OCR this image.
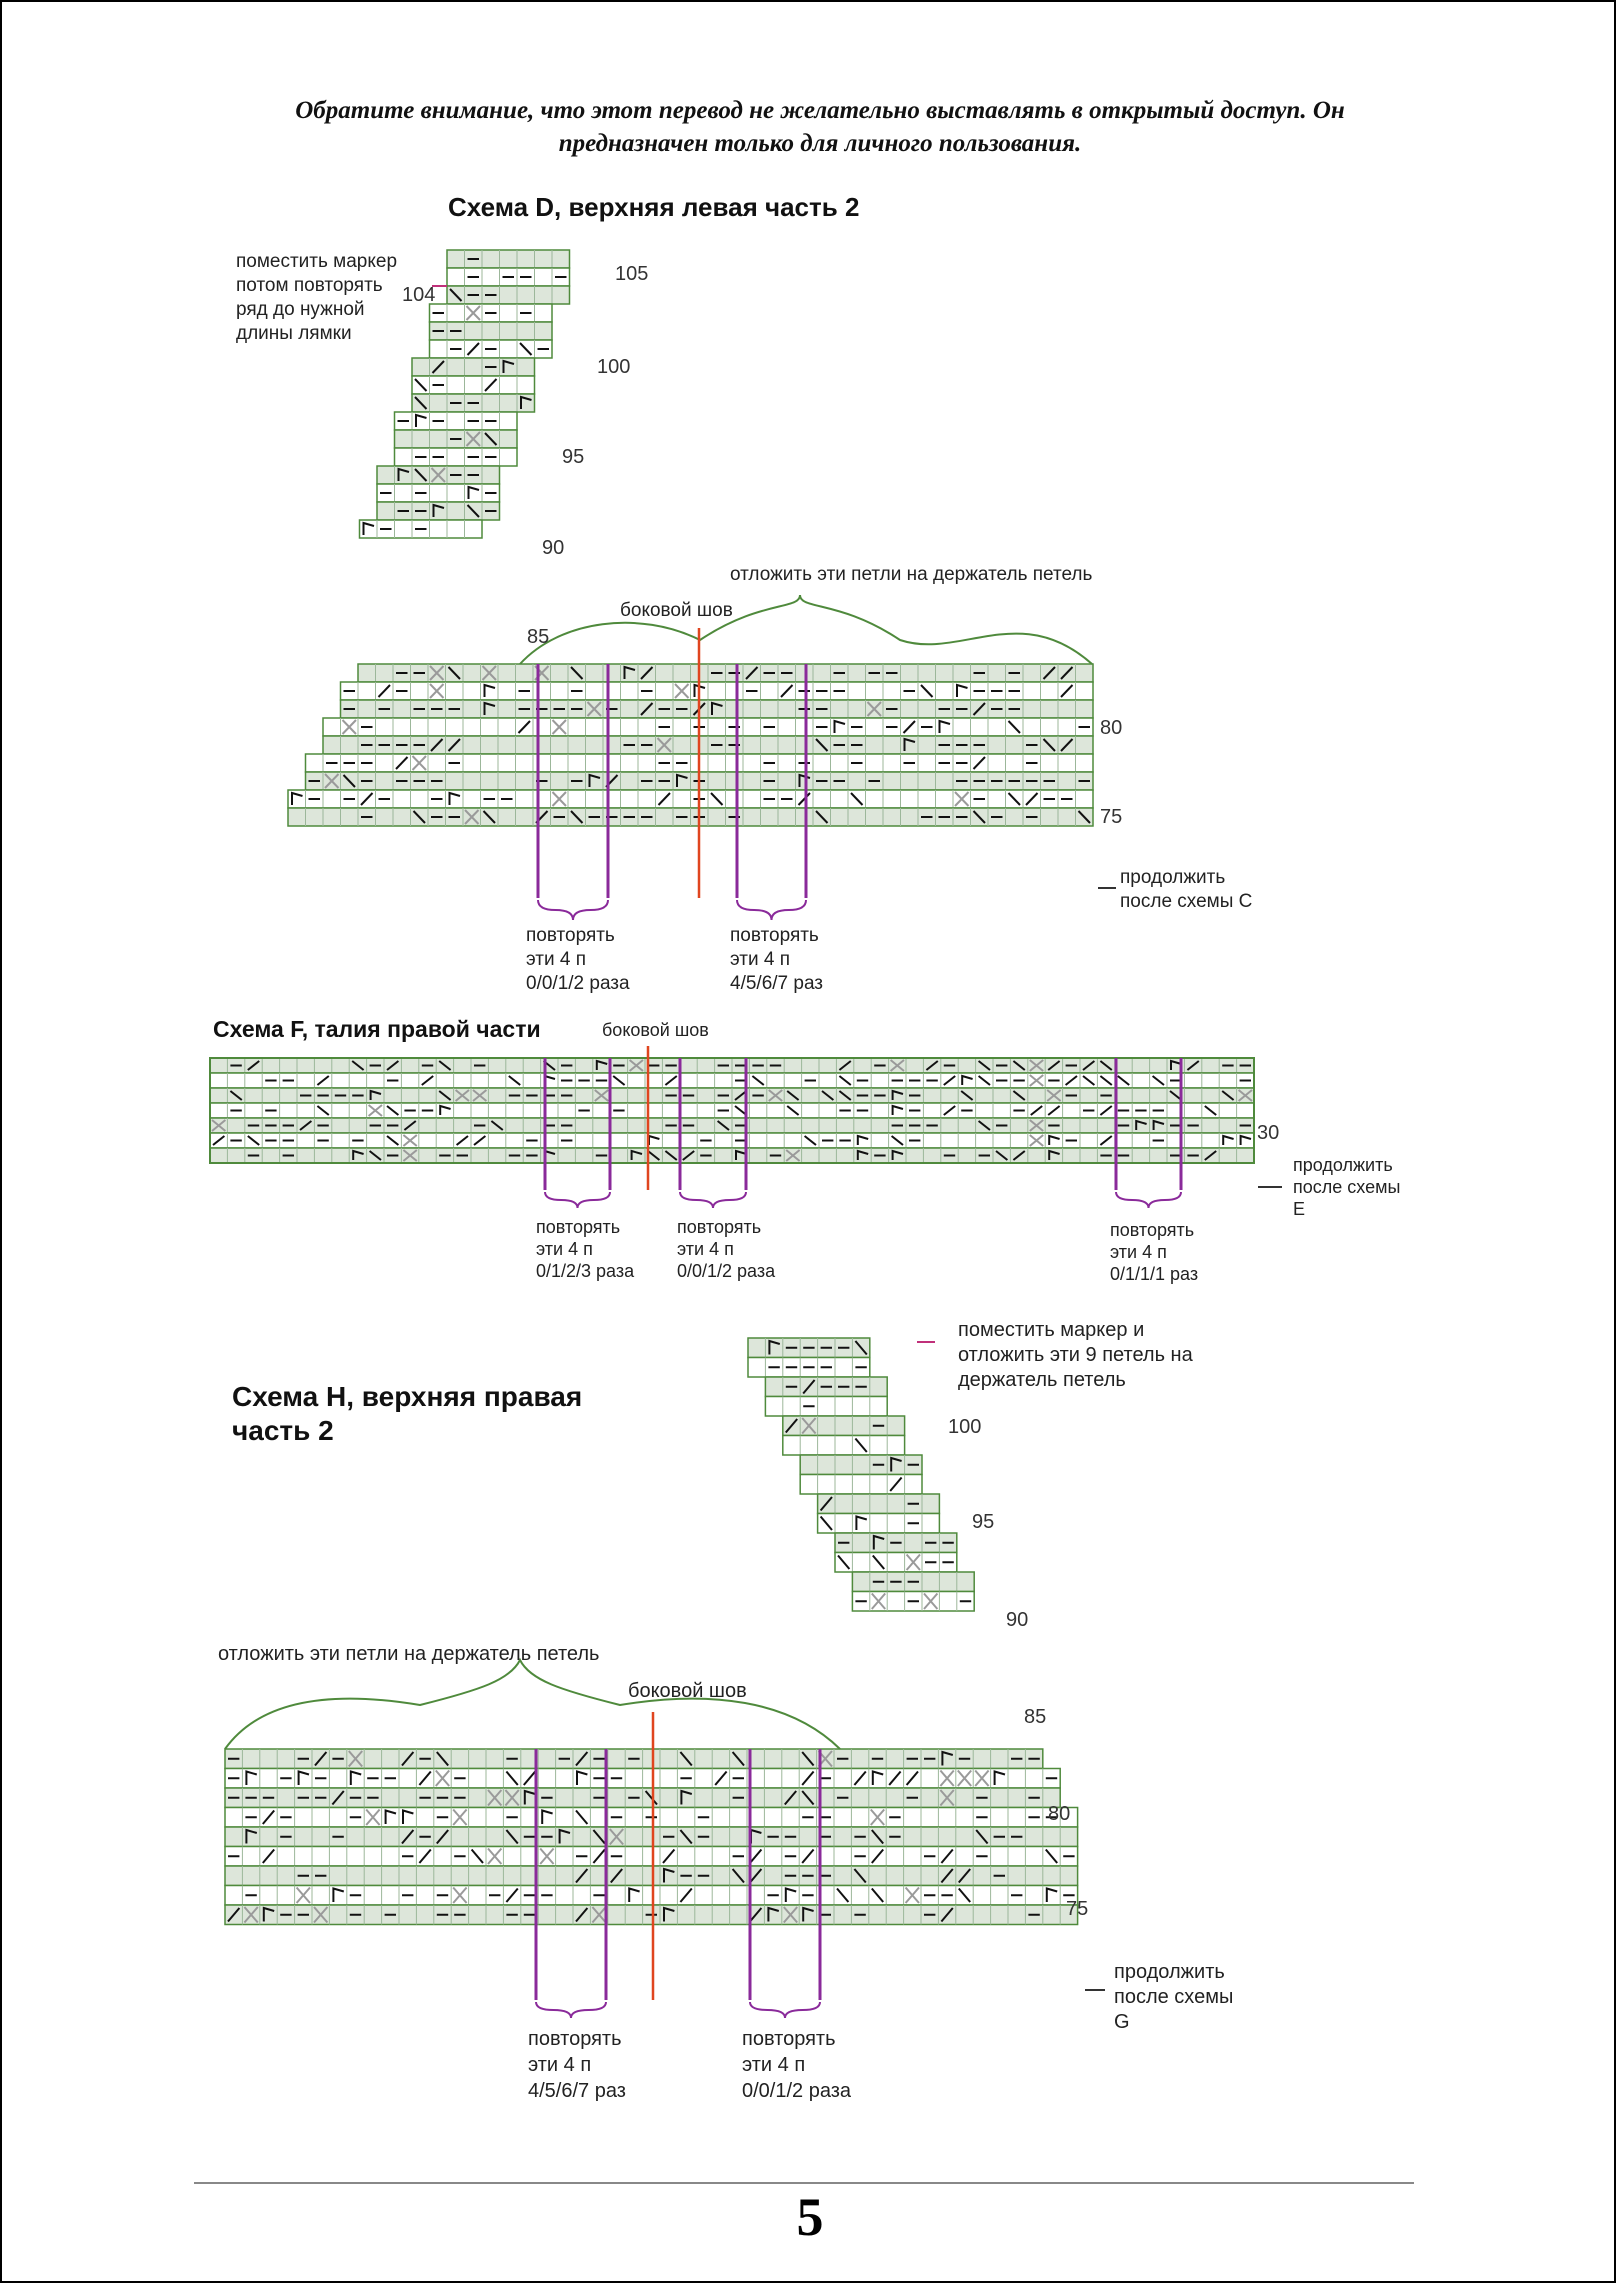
Обратите внимание, что этот перевод не желательно выставлять в открытый доступ. Он
предназначен только для личного пользования.
Схема D, верхняя левая часть 2
поместить маркер
потом повторять
ряд до нужной
длины лямки
104
105
100
95
90
85
80
75
отложить эти петли на держатель петель
боковой шов
продолжить
после схемы С
повторять
эти 4 п
0/0/1/2 раза
повторять
эти 4 п
4/5/6/7 раз
Схема F, талия правой части	боковой шов
30
продолжить
после схемы
Е
повторять
эти 4 п
0/1/2/3 раза
повторять
эти 4 п
0/0/1/2 раза
повторять
эти 4 п
0/1/1/1 раз
Схема Н, верхняя правая
часть 2
поместить маркер и
отложить эти 9 петель на
держатель петель
100
95
90
85
80
75
отложить эти петли на держатель петель
боковой шов
продолжить
после схемы
G
повторять
эти 4 п
4/5/6/7 раз
повторять
эти 4 п
0/0/1/2 раза
5
